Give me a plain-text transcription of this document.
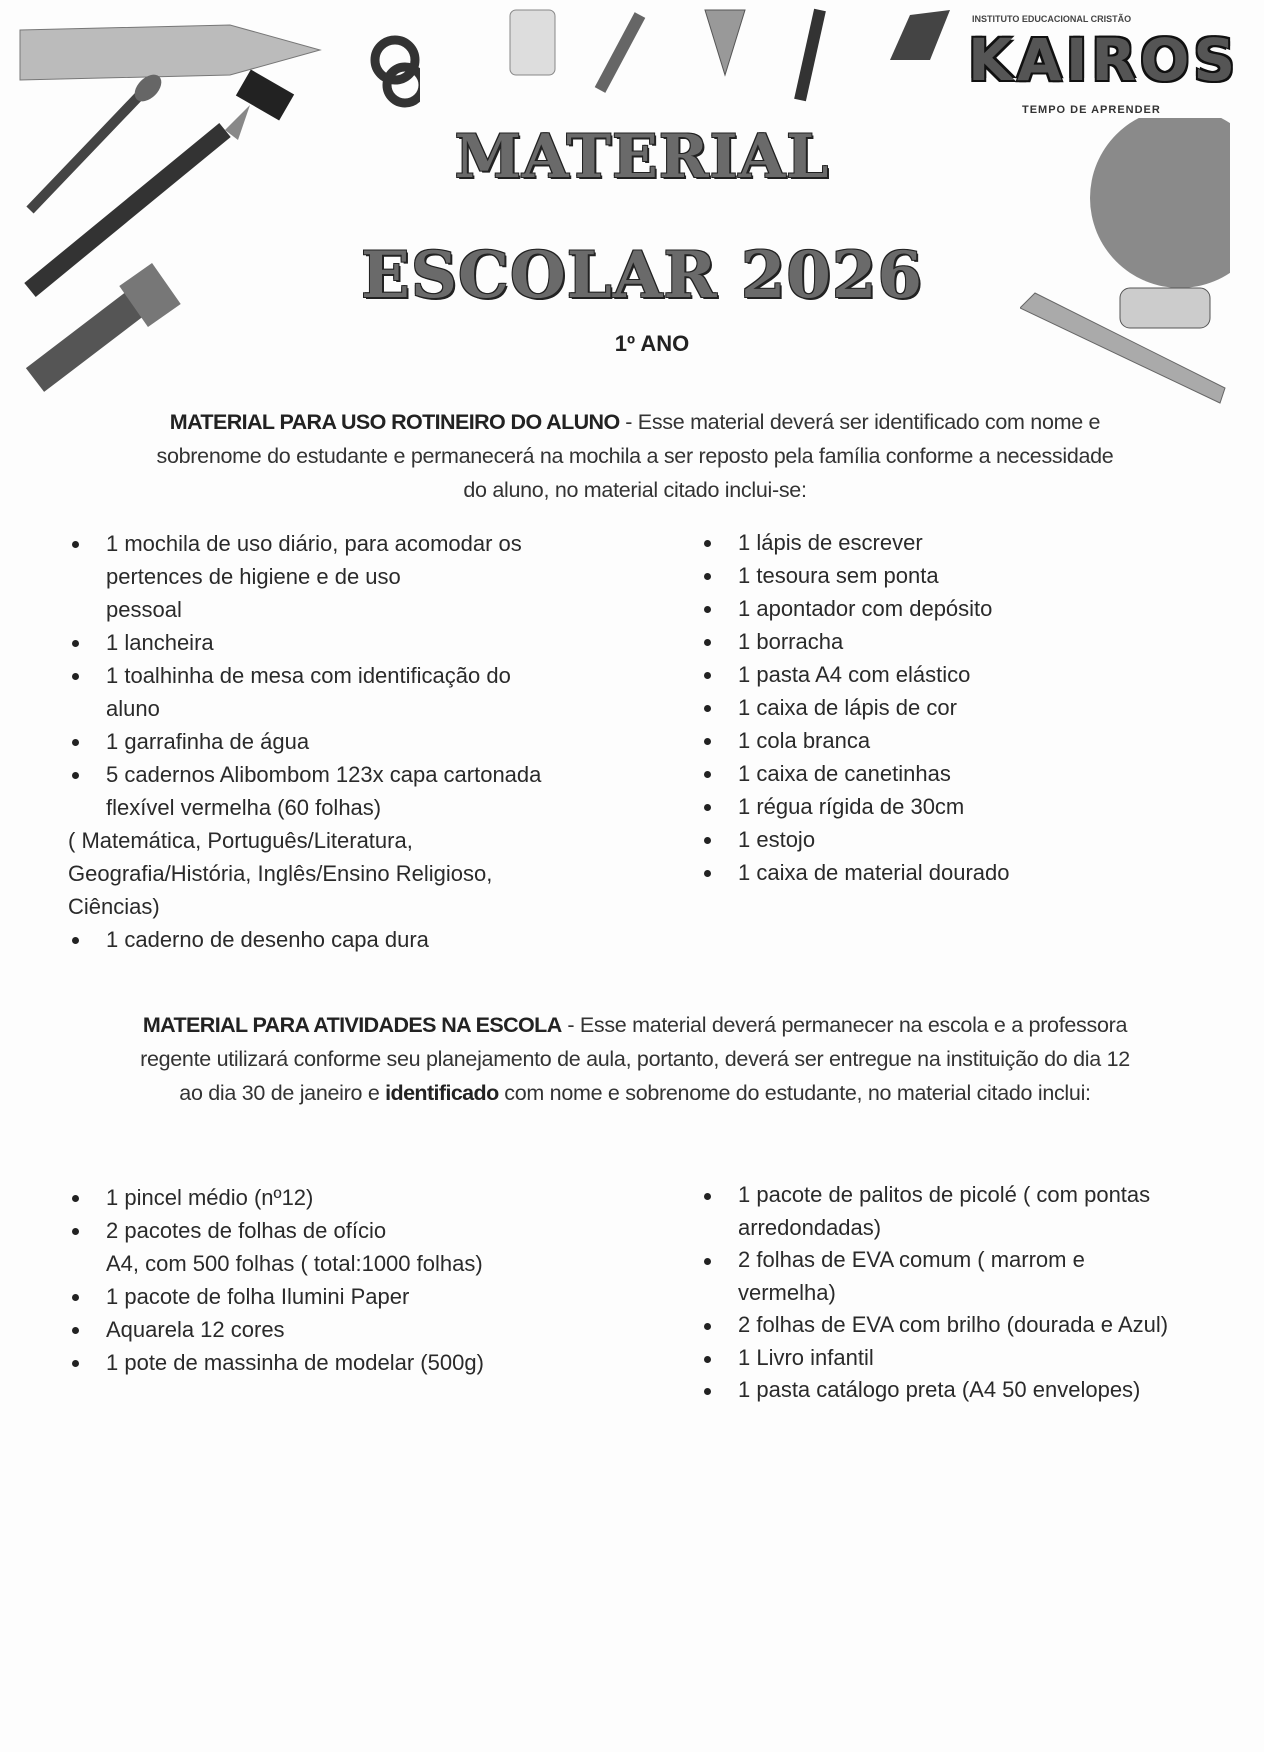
INSTITUTO EDUCACIONAL CRISTÃO
KAIROS
TEMPO DE APRENDER
MATERIAL
ESCOLAR 2026
1º ANO
MATERIAL PARA USO ROTINEIRO DO ALUNO - Esse material deverá ser identificado com nome e
sobrenome do estudante e permanecerá na mochila a ser reposto pela família conforme a necessidade
do aluno, no material citado inclui-se:
1 mochila de uso diário, para acomodar os
pertences de higiene e de uso
pessoal
1 lancheira
1 toalhinha de mesa com identificação do
aluno
1 garrafinha de água
5 cadernos Alibombom 123x capa cartonada
flexível vermelha (60 folhas)
( Matemática, Português/Literatura,
Geografia/História, Inglês/Ensino Religioso,
Ciências)
1 caderno de desenho capa dura
1 lápis de escrever
1 tesoura sem ponta
1 apontador com depósito
1 borracha
1 pasta A4 com elástico
1 caixa de lápis de cor
1 cola branca
1 caixa de canetinhas
1 régua rígida de 30cm
1 estojo
1 caixa de material dourado
MATERIAL PARA ATIVIDADES NA ESCOLA - Esse material deverá permanecer na escola e a professora
regente utilizará conforme seu planejamento de aula, portanto, deverá ser entregue na instituição do dia 12
ao dia 30 de janeiro e identificado com nome e sobrenome do estudante, no material citado inclui:
1 pincel médio (nº12)
2 pacotes de folhas de ofício
A4, com 500 folhas ( total:1000 folhas)
1 pacote de folha Ilumini Paper
Aquarela 12 cores
1 pote de massinha de modelar (500g)
1 pacote de palitos de picolé ( com pontas
arredondadas)
2 folhas de EVA comum ( marrom e
vermelha)
2 folhas de EVA com brilho (dourada e Azul)
1 Livro infantil
1 pasta catálogo preta (A4 50 envelopes)
